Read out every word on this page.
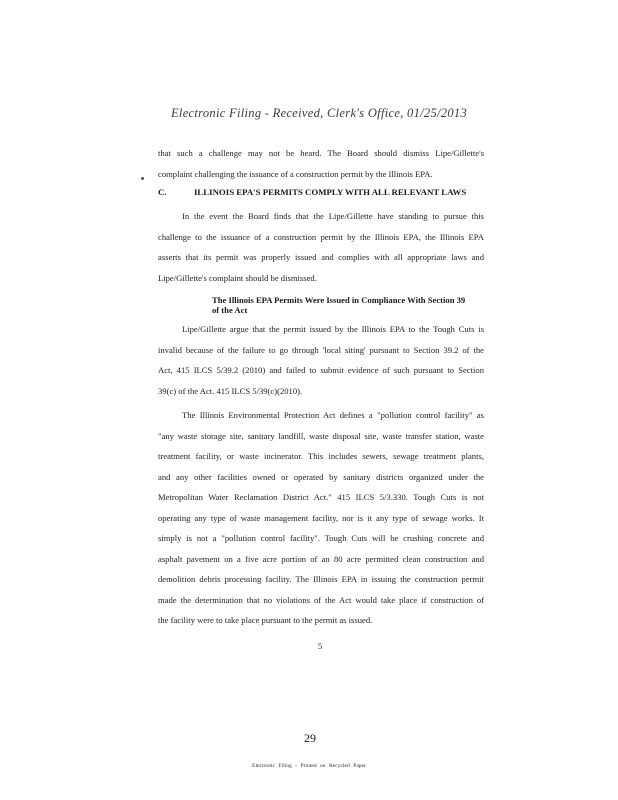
Electronic Filing - Received, Clerk's Office, 01/25/2013
that such a challenge may not be heard. The Board should dismiss Lipe/Gillette's
complaint challenging the issuance of a construction permit by the Illinois EPA.
C.	ILLINOIS EPA'S PERMITS COMPLY WITH ALL RELEVANT LAWS
In the event the Board finds that the Lipe/Gillette have standing to pursue this
challenge to the issuance of a construction permit by the Illinois EPA, the Illinois EPA
asserts that its permit was properly issued and complies with all appropriate laws and
Lipe/Gillette's complaint should be dismissed.
The Illinois EPA Permits Were Issued in Compliance With Section 39
of the Act
Lipe/Gillette argue that the permit issued by the Illinois EPA to the Tough Cuts is
invalid because of the failure to go through 'local siting' pursuant to Section 39.2 of the
Act, 415 ILCS 5/39.2 (2010) and failed to submit evidence of such pursuant to Section
39(c) of the Act. 415 ILCS 5/39(c)(2010).
The Illinois Environmental Protection Act defines a "pollution control facility" as
"any waste storage site, sanitary landfill, waste disposal site, waste transfer station, waste
treatment facility, or waste incinerator. This includes sewers, sewage treatment plants,
and any other facilities owned or operated by sanitary districts organized under the
Metropolitan Water Reclamation District Act." 415 ILCS 5/3.330. Tough Cuts is not
operating any type of waste management facility, nor is it any type of sewage works. It
simply is not a "pollution control facility". Tough Cuts will be crushing concrete and
asphalt pavement on a five acre portion of an 80 acre permitted clean construction and
demolition debris processing facility. The Illinois EPA in issuing the construction permit
made the determination that no violations of the Act would take place if construction of
the facility were to take place pursuant to the permit as issued.
5
29
Electronic Filing - Printed on Recycled Paper
